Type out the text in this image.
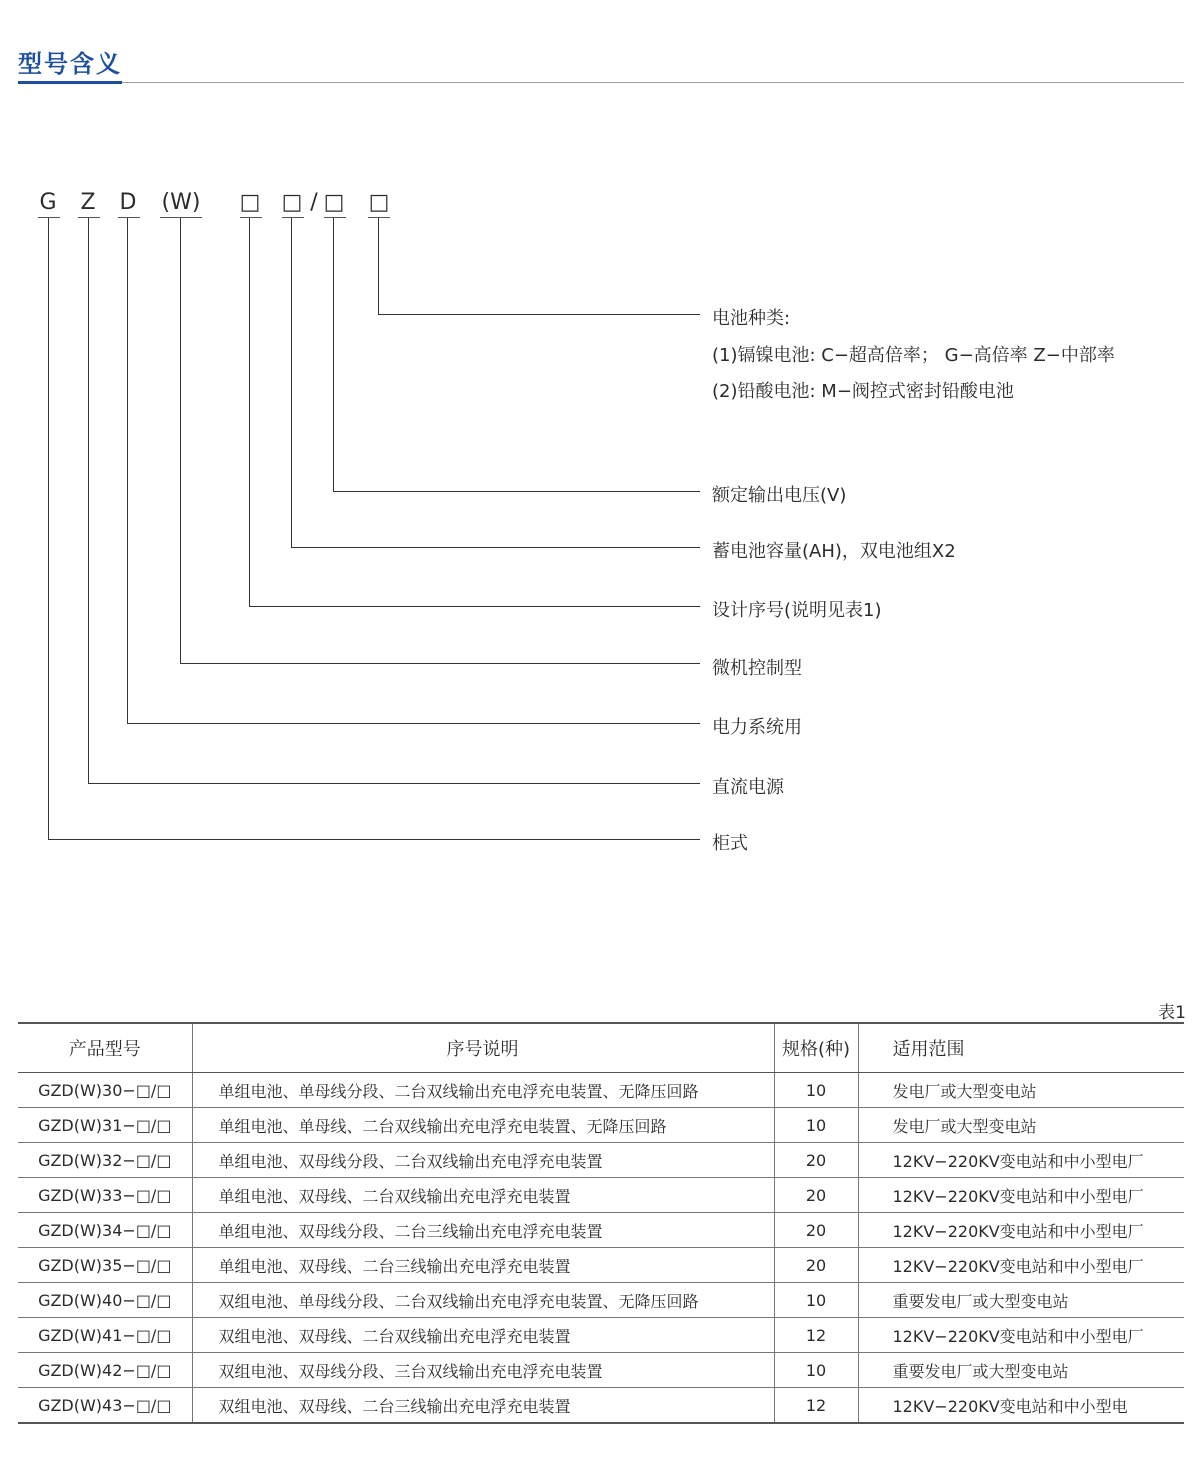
型号含义
G Z D (W) □ □ / □ □
电池种类:
(1)镉镍电池: C−超高倍率； G−高倍率 Z−中部率
(2)铅酸电池: M−阀控式密封铅酸电池
额定输出电压(V)
蓄电池容量(AH)，双电池组X2
设计序号(说明见表1)
微机控制型
电力系统用
直流电源
柜式
表1
产品型号	序号说明	规格(种)	适用范围
GZD(W)30−□/□	单组电池、单母线分段、二台双线输出充电浮充电装置、无降压回路	10	发电厂或大型变电站
GZD(W)31−□/□	单组电池、单母线、二台双线输出充电浮充电装置、无降压回路	10	发电厂或大型变电站
GZD(W)32−□/□	单组电池、双母线分段、二台双线输出充电浮充电装置	20	12KV−220KV变电站和中小型电厂
GZD(W)33−□/□	单组电池、双母线、二台双线输出充电浮充电装置	20	12KV−220KV变电站和中小型电厂
GZD(W)34−□/□	单组电池、双母线分段、二台三线输出充电浮充电装置	20	12KV−220KV变电站和中小型电厂
GZD(W)35−□/□	单组电池、双母线、二台三线输出充电浮充电装置	20	12KV−220KV变电站和中小型电厂
GZD(W)40−□/□	双组电池、单母线分段、二台双线输出充电浮充电装置、无降压回路	10	重要发电厂或大型变电站
GZD(W)41−□/□	双组电池、双母线、二台双线输出充电浮充电装置	12	12KV−220KV变电站和中小型电厂
GZD(W)42−□/□	双组电池、双母线分段、三台双线输出充电浮充电装置	10	重要发电厂或大型变电站
GZD(W)43−□/□	双组电池、双母线、二台三线输出充电浮充电装置	12	12KV−220KV变电站和中小型电
